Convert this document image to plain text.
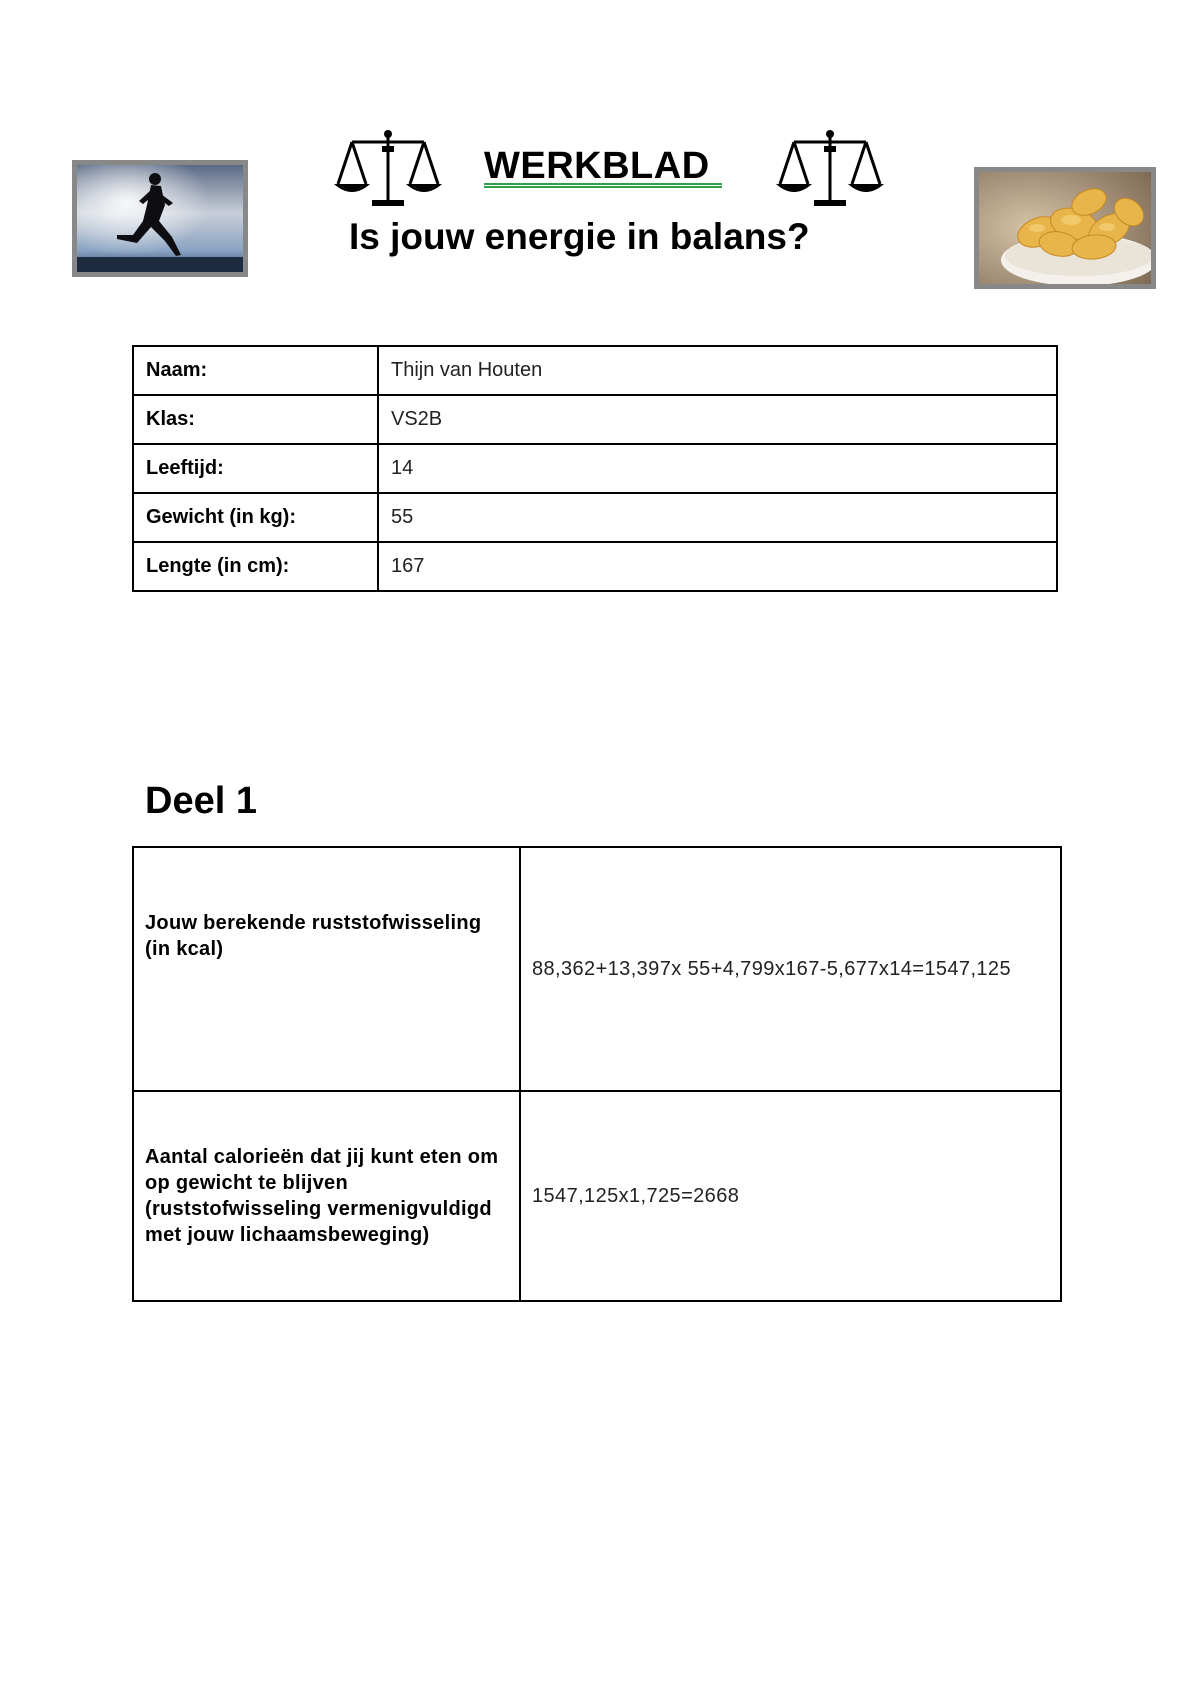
WERKBLAD
Is jouw energie in balans?
Naam:	Thijn van Houten
Klas:	VS2B
Leeftijd:	14
Gewicht (in kg):	55
Lengte (in cm):	167
Deel 1
Jouw berekende ruststofwisseling (in kcal)	88,362+13,397x 55+4,799x167-5,677x14=1547,125
Aantal calorieën dat jij kunt eten om op gewicht te blijven (ruststofwisseling vermenigvuldigd met jouw lichaamsbeweging)	1547,125x1,725=2668
